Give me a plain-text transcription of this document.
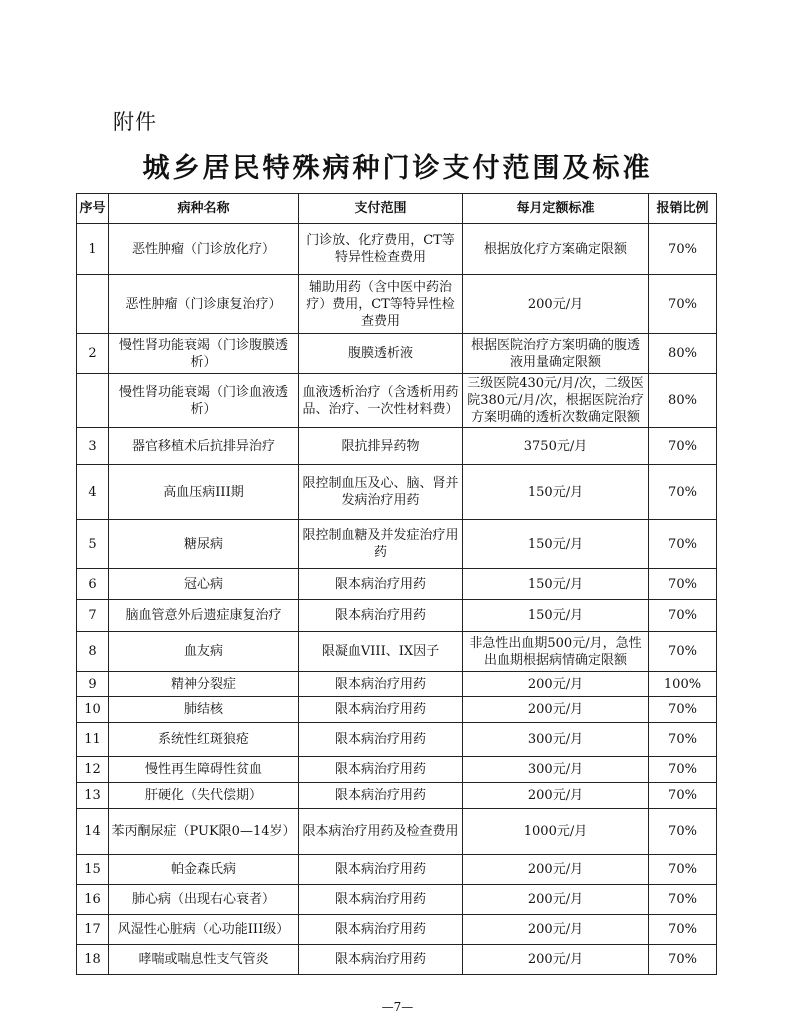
附件
城乡居民特殊病种门诊支付范围及标准
序号	病种名称	支付范围	每月定额标准	报销比例
1	恶性肿瘤（门诊放化疗）	门诊放、化疗费用，CT等特异性检查费用	根据放化疗方案确定限额	70%
	恶性肿瘤（门诊康复治疗）	辅助用药（含中医中药治疗）费用，CT等特异性检查费用	200元/月	70%
2	慢性肾功能衰竭（门诊腹膜透析）	腹膜透析液	根据医院治疗方案明确的腹透液用量确定限额	80%
	慢性肾功能衰竭（门诊血液透析）	血液透析治疗（含透析用药品、治疗、一次性材料费）	三级医院430元/月/次，二级医院380元/月/次，根据医院治疗方案明确的透析次数确定限额	80%
3	器官移植术后抗排异治疗	限抗排异药物	3750元/月	70%
4	高血压病III期	限控制血压及心、脑、肾并发病治疗用药	150元/月	70%
5	糖尿病	限控制血糖及并发症治疗用药	150元/月	70%
6	冠心病	限本病治疗用药	150元/月	70%
7	脑血管意外后遗症康复治疗	限本病治疗用药	150元/月	70%
8	血友病	限凝血VIII、IX因子	非急性出血期500元/月，急性出血期根据病情确定限额	70%
9	精神分裂症	限本病治疗用药	200元/月	100%
10	肺结核	限本病治疗用药	200元/月	70%
11	系统性红斑狼疮	限本病治疗用药	300元/月	70%
12	慢性再生障碍性贫血	限本病治疗用药	300元/月	70%
13	肝硬化（失代偿期）	限本病治疗用药	200元/月	70%
14	苯丙酮尿症（PUK限0—14岁）	限本病治疗用药及检查费用	1000元/月	70%
15	帕金森氏病	限本病治疗用药	200元/月	70%
16	肺心病（出现右心衰者）	限本病治疗用药	200元/月	70%
17	风湿性心脏病（心功能III级）	限本病治疗用药	200元/月	70%
18	哮喘或喘息性支气管炎	限本病治疗用药	200元/月	70%
—7—
